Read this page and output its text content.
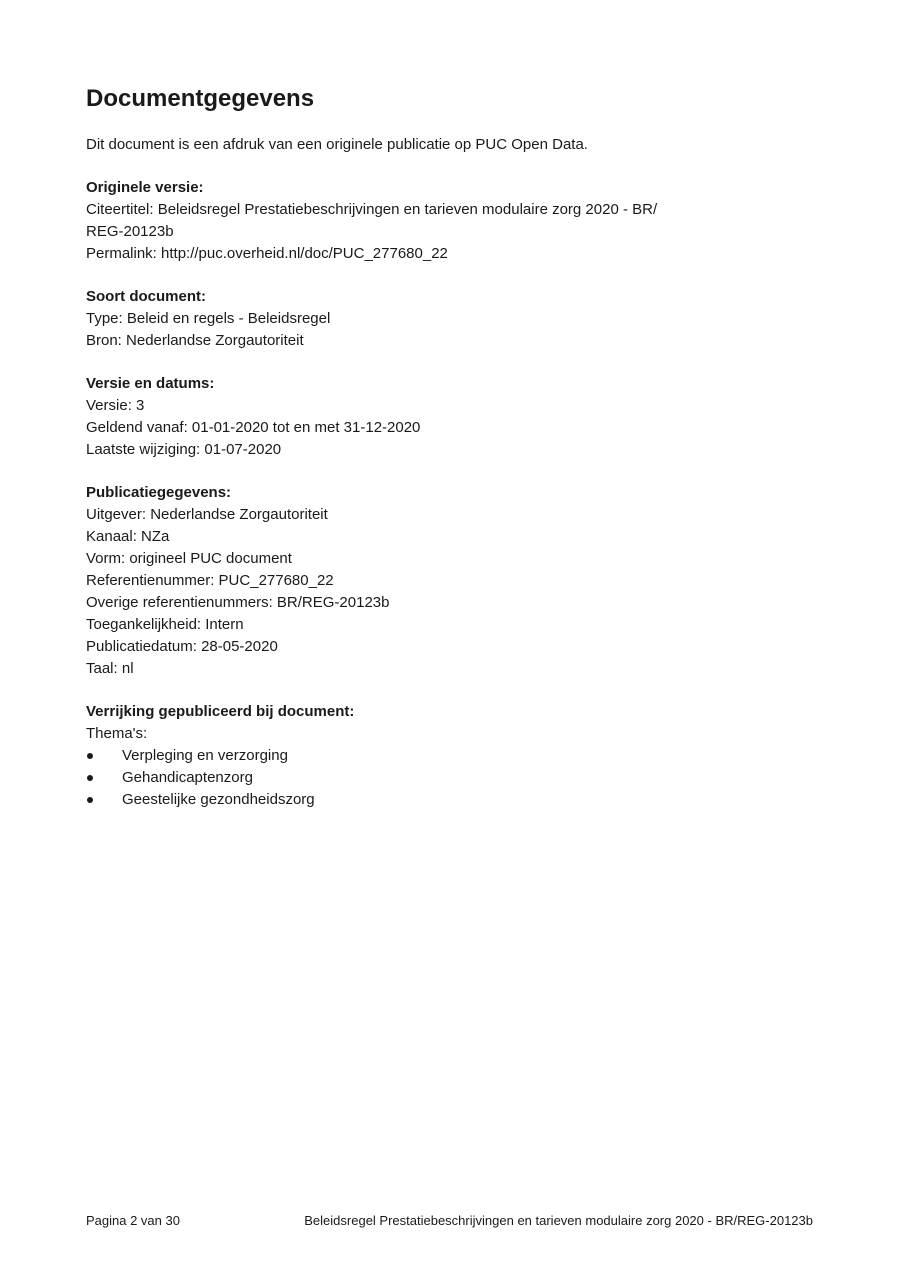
Documentgegevens

Dit document is een afdruk van een originele publicatie op PUC Open Data.

Originele versie:
Citeertitel: Beleidsregel Prestatiebeschrijvingen en tarieven modulaire zorg 2020 - BR/
REG-20123b
Permalink: http://puc.overheid.nl/doc/PUC_277680_22
Soort document:
Type: Beleid en regels - Beleidsregel
Bron: Nederlandse Zorgautoriteit
Versie en datums:
Versie: 3
Geldend vanaf: 01-01-2020 tot en met 31-12-2020
Laatste wijziging: 01-07-2020
Publicatiegegevens:
Uitgever: Nederlandse Zorgautoriteit
Kanaal: NZa
Vorm: origineel PUC document
Referentienummer: PUC_277680_22
Overige referentienummers: BR/REG-20123b
Toegankelijkheid: Intern
Publicatiedatum: 28-05-2020
Taal: nl
Verrijking gepubliceerd bij document:
Thema's:
Verpleging en verzorging
Gehandicaptenzorg
Geestelijke gezondheidszorg
Pagina 2 van 30	Beleidsregel Prestatiebeschrijvingen en tarieven modulaire zorg 2020 - BR/REG-20123b
